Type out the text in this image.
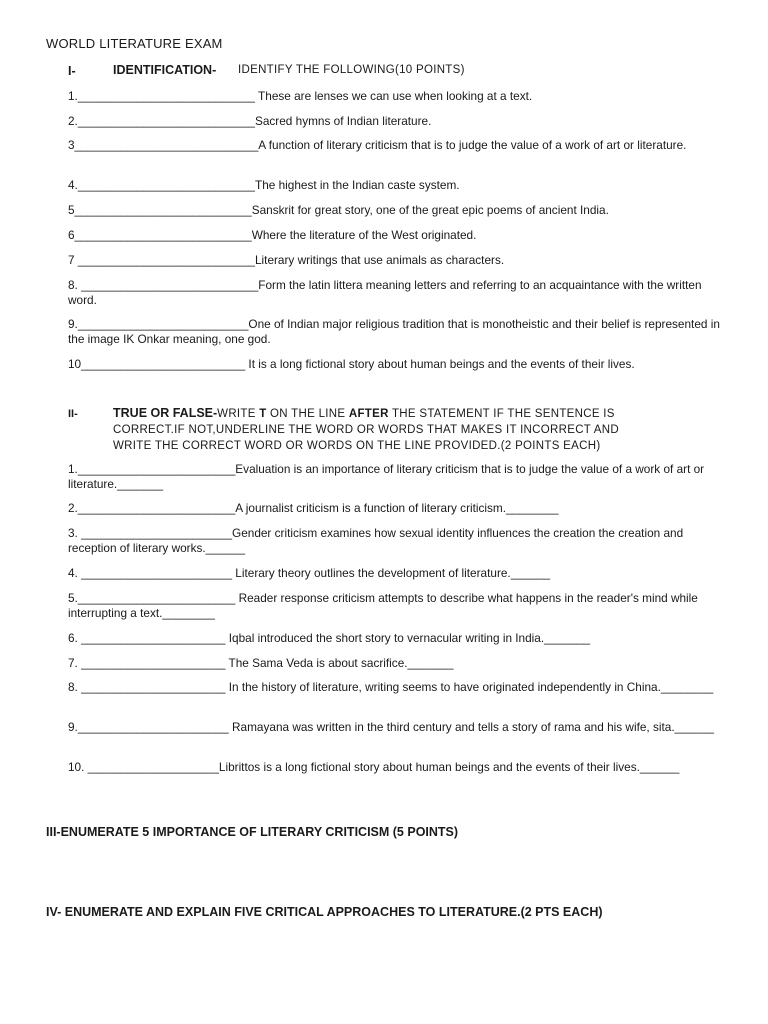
WORLD LITERATURE EXAM
I-	IDENTIFICATION- IDENTIFY THE FOLLOWING(10 POINTS)
1.___________________________ These are lenses we can use when looking at a text.
2.___________________________Sacred hymns of Indian literature.
3____________________________A function of literary criticism that is to judge the value of a work of art or literature.
4.___________________________The highest in the Indian caste system.
5___________________________Sanskrit for great story, one of the great epic poems of ancient India.
6___________________________Where the literature of the West originated.
7 ___________________________Literary writings that use animals as characters.
8. ___________________________Form the latin littera meaning letters and referring to an acquaintance with the written word.
9.__________________________One of Indian major religious tradition that is monotheistic and their belief is represented in the image IK Onkar meaning, one god.
10_________________________ It is a long fictional story about human beings and the events of their lives.
II-	TRUE OR FALSE-WRITE T ON THE LINE AFTER THE STATEMENT IF THE SENTENCE IS
CORRECT.IF NOT,UNDERLINE THE WORD OR WORDS THAT MAKES IT INCORRECT AND
WRITE THE CORRECT WORD OR WORDS ON THE LINE PROVIDED.(2 POINTS EACH)
1.________________________Evaluation is an importance of literary criticism that is to judge the value of a work of art or literature._______
2.________________________A journalist criticism is a function of literary criticism.________
3. _______________________Gender criticism examines how sexual identity influences the creation the creation and reception of literary works.______
4. _______________________ Literary theory outlines the development of literature.______
5.________________________ Reader response criticism attempts to describe what happens in the reader's mind while interrupting a text.________
6. ______________________ Iqbal introduced the short story to vernacular writing in India._______
7. ______________________ The Sama Veda is about sacrifice._______
8. ______________________ In the history of literature, writing seems to have originated independently in China.________
9._______________________ Ramayana was written in the third century and tells a story of rama and his wife, sita.______
10. ____________________Librittos is a long fictional story about human beings and the events of their lives.______
III-ENUMERATE 5 IMPORTANCE OF LITERARY CRITICISM (5 POINTS)
IV- ENUMERATE AND EXPLAIN FIVE CRITICAL APPROACHES TO LITERATURE.(2 PTS EACH)
